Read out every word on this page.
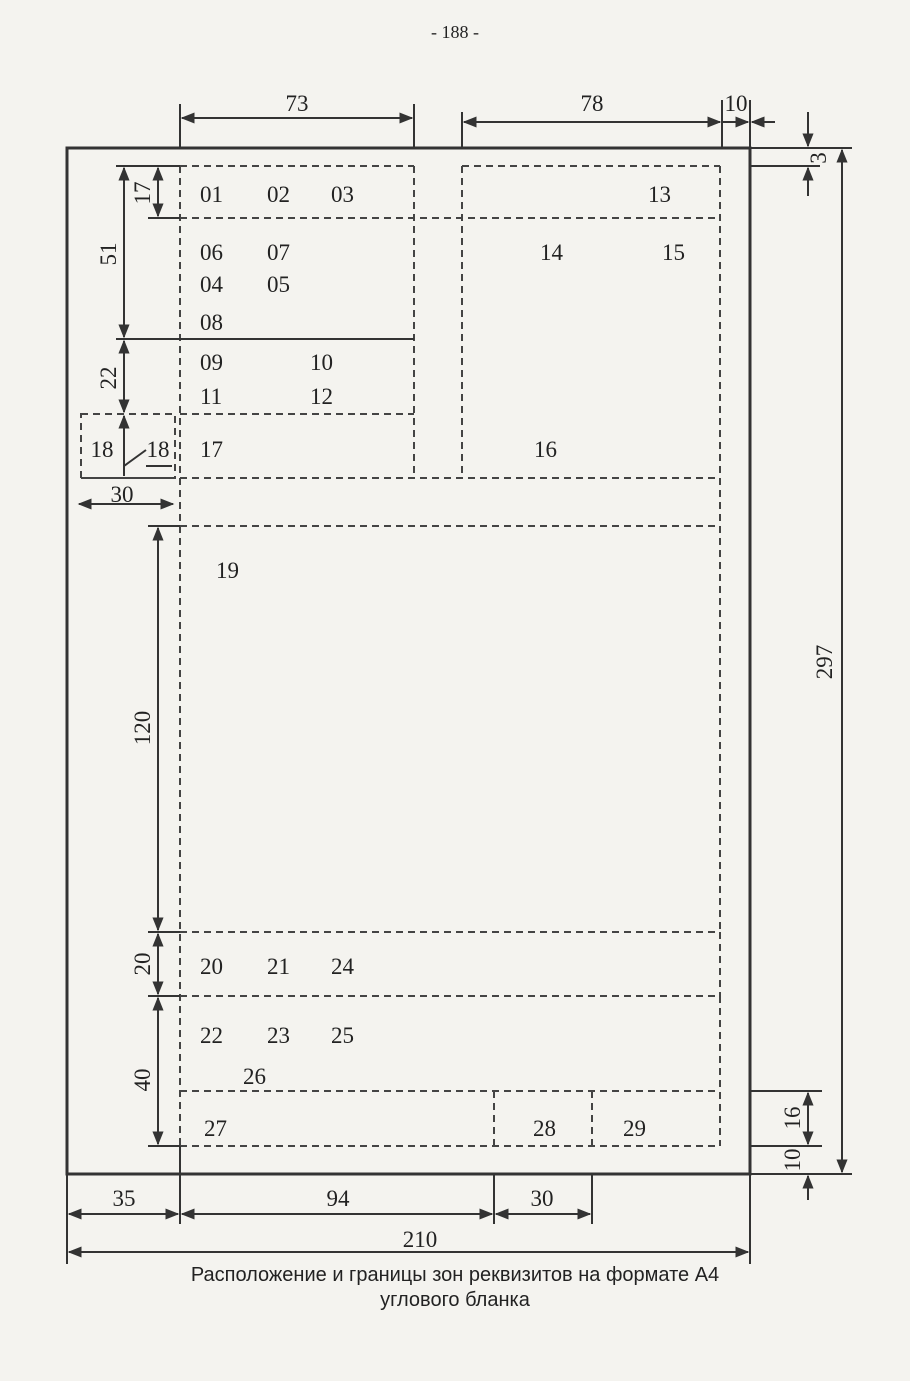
- 188 -
73	78	10
3
297
17
51
22
18 18
30
120
20
40
16
10
35	94	30
210
01 02 03	13
06 07	14	15
04 05
08
09	10
11	12
17	16
19
20 21 24
22 23 25
26
27	28	29
Расположение и границы зон реквизитов на формате А4
углового бланка
